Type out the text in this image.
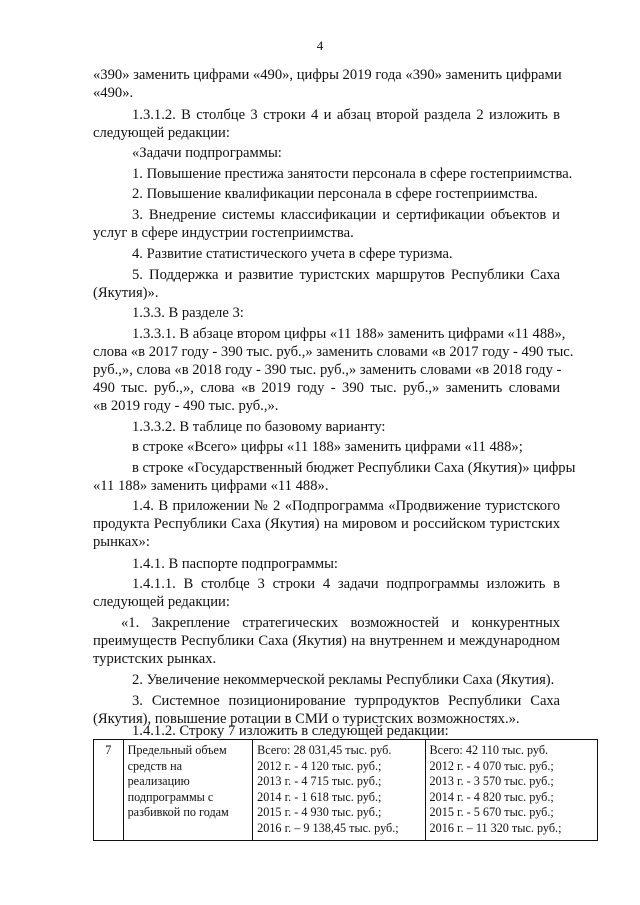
4
«390» заменить цифрами «490», цифры 2019 года «390» заменить цифрами
«490».
1.3.1.2. В столбце 3 строки 4 и абзац второй раздела 2 изложить в
следующей редакции:
«Задачи подпрограммы:
1. Повышение престижа занятости персонала в сфере гостеприимства.
2. Повышение квалификации персонала в сфере гостеприимства.
3. Внедрение системы классификации и сертификации объектов и
услуг в сфере индустрии гостеприимства.
4. Развитие статистического учета в сфере туризма.
5. Поддержка и развитие туристских маршрутов Республики Саха
(Якутия)».
1.3.3. В разделе 3:
1.3.3.1. В абзаце втором цифры «11 188» заменить цифрами «11 488»,
слова «в 2017 году - 390 тыс. руб.,» заменить словами «в 2017 году - 490 тыс.
руб.,», слова «в 2018 году - 390 тыс. руб.,» заменить словами «в 2018 году -
490 тыс. руб.,», слова «в 2019 году - 390 тыс. руб.,» заменить словами
«в 2019 году - 490 тыс. руб.,».
1.3.3.2. В таблице по базовому варианту:
в строке «Всего» цифры «11 188» заменить цифрами «11 488»;
в строке «Государственный бюджет Республики Саха (Якутия)» цифры
«11 188» заменить цифрами «11 488».
1.4. В приложении № 2 «Подпрограмма «Продвижение туристского
продукта Республики Саха (Якутия) на мировом и российском туристских
рынках»:
1.4.1. В паспорте подпрограммы:
1.4.1.1. В столбце 3 строки 4 задачи подпрограммы изложить в
следующей редакции:
«1. Закрепление стратегических возможностей и конкурентных
преимуществ Республики Саха (Якутия) на внутреннем и международном
туристских рынках.
2. Увеличение некоммерческой рекламы Республики Саха (Якутия).
3. Системное позиционирование турпродуктов Республики Саха
(Якутия), повышение ротации в СМИ о туристских возможностях.».
1.4.1.2. Строку 7 изложить в следующей редакции:
7	Предельный объем
средств на
реализацию
подпрограммы с
разбивкой по годам

Всего: 28 031,45 тыс. руб.
2012 г. - 4 120 тыс. руб.;
2013 г. - 4 715 тыс. руб.;
2014 г. - 1 618 тыс. руб.;
2015 г. - 4 930 тыс. руб.;
2016 г. – 9 138,45 тыс. руб.;

Всего: 42 110 тыс. руб.
2012 г. - 4 070 тыс. руб.;
2013 г. - 3 570 тыс. руб.;
2014 г. - 4 820 тыс. руб.;
2015 г. - 5 670 тыс. руб.;
2016 г. – 11 320 тыс. руб.;
